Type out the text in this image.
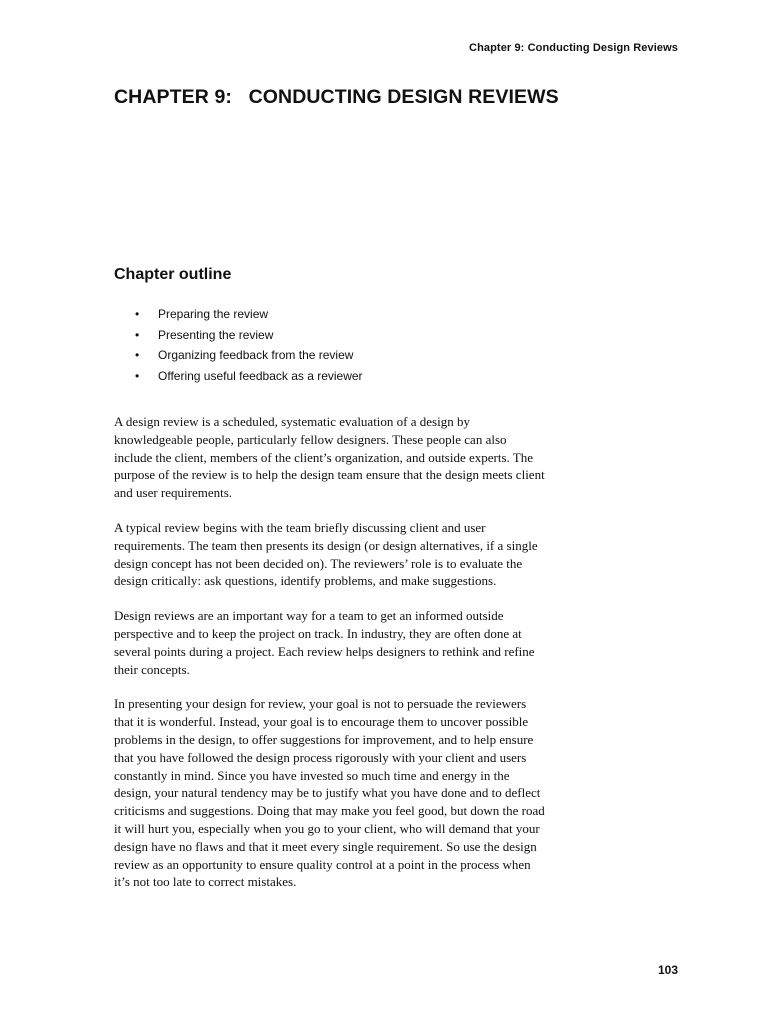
Chapter 9: Conducting Design Reviews
CHAPTER 9:   CONDUCTING DESIGN REVIEWS
Chapter outline
• Preparing the review
• Presenting the review
• Organizing feedback from the review
• Offering useful feedback as a reviewer

A design review is a scheduled, systematic evaluation of a design by knowledgeable people, particularly fellow designers. These people can also include the client, members of the client’s organization, and outside experts. The purpose of the review is to help the design team ensure that the design meets client and user requirements.

A typical review begins with the team briefly discussing client and user requirements. The team then presents its design (or design alternatives, if a single design concept has not been decided on). The reviewers’ role is to evaluate the design critically: ask questions, identify problems, and make suggestions.

Design reviews are an important way for a team to get an informed outside perspective and to keep the project on track. In industry, they are often done at several points during a project. Each review helps designers to rethink and refine their concepts.

In presenting your design for review, your goal is not to persuade the reviewers that it is wonderful. Instead, your goal is to encourage them to uncover possible problems in the design, to offer suggestions for improvement, and to help ensure that you have followed the design process rigorously with your client and users constantly in mind. Since you have invested so much time and energy in the design, your natural tendency may be to justify what you have done and to deflect criticisms and suggestions. Doing that may make you feel good, but down the road it will hurt you, especially when you go to your client, who will demand that your design have no flaws and that it meet every single requirement. So use the design review as an opportunity to ensure quality control at a point in the process when it’s not too late to correct mistakes.

103
